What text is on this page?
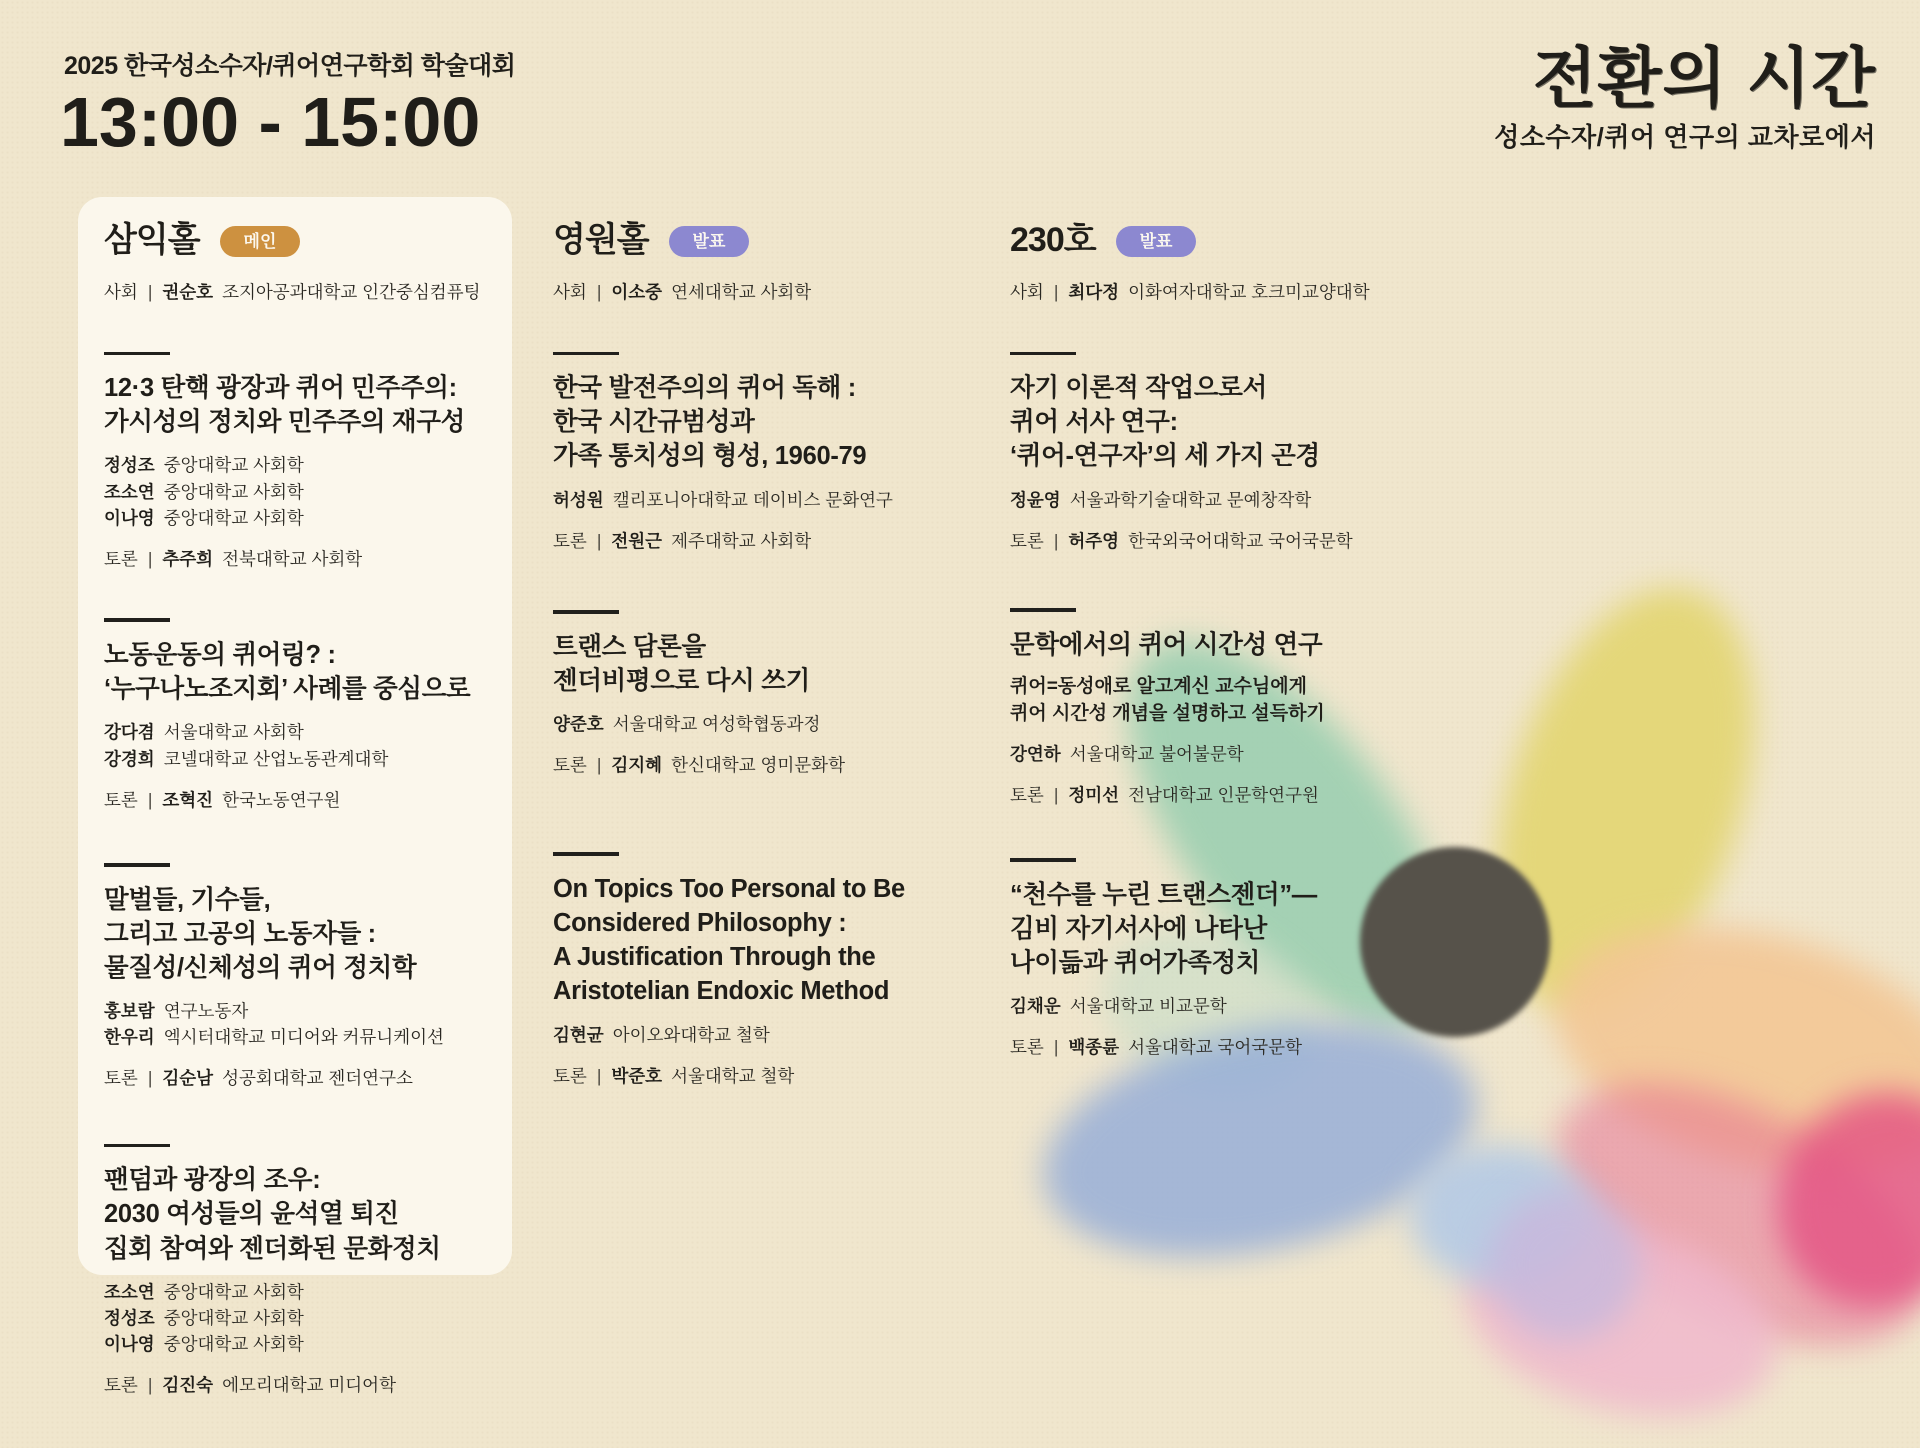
2025 한국성소수자/퀴어연구학회 학술대회
13:00 - 15:00
전환의 시간
성소수자/퀴어 연구의 교차로에서
삼익홀	메인
사회 | 권순호 조지아공과대학교 인간중심컴퓨팅
12·3 탄핵 광장과 퀴어 민주주의:
가시성의 정치와 민주주의 재구성
정성조 중앙대학교 사회학
조소연 중앙대학교 사회학
이나영 중앙대학교 사회학
토론 | 추주희 전북대학교 사회학
노동운동의 퀴어링? :
‘누구나노조지회’ 사례를 중심으로
강다겸 서울대학교 사회학
강경희 코넬대학교 산업노동관계대학
토론 | 조혁진 한국노동연구원
말벌들, 기수들,
그리고 고공의 노동자들 :
물질성/신체성의 퀴어 정치학
홍보람 연구노동자
한우리 엑시터대학교 미디어와 커뮤니케이션
토론 | 김순남 성공회대학교 젠더연구소
팬덤과 광장의 조우:
2030 여성들의 윤석열 퇴진
집회 참여와 젠더화된 문화정치
조소연 중앙대학교 사회학
정성조 중앙대학교 사회학
이나영 중앙대학교 사회학
토론 | 김진숙 에모리대학교 미디어학
영원홀	발표
사회 | 이소중 연세대학교 사회학
한국 발전주의의 퀴어 독해 :
한국 시간규범성과
가족 통치성의 형성, 1960-79
허성원 캘리포니아대학교 데이비스 문화연구
토론 | 전원근 제주대학교 사회학
트랜스 담론을
젠더비평으로 다시 쓰기
양준호 서울대학교 여성학협동과정
토론 | 김지혜 한신대학교 영미문화학
On Topics Too Personal to Be
Considered Philosophy :
A Justification Through the
Aristotelian Endoxic Method
김현균 아이오와대학교 철학
토론 | 박준호 서울대학교 철학
230호	발표
사회 | 최다정 이화여자대학교 호크미교양대학
자기 이론적 작업으로서
퀴어 서사 연구:
‘퀴어-연구자’의 세 가지 곤경
정윤영 서울과학기술대학교 문예창작학
토론 | 허주영 한국외국어대학교 국어국문학
문학에서의 퀴어 시간성 연구
퀴어=동성애로 알고계신 교수님에게
퀴어 시간성 개념을 설명하고 설득하기
강연하 서울대학교 불어불문학
토론 | 정미선 전남대학교 인문학연구원
“천수를 누린 트랜스젠더”—
김비 자기서사에 나타난
나이듦과 퀴어가족정치
김채운 서울대학교 비교문학
토론 | 백종륜 서울대학교 국어국문학
